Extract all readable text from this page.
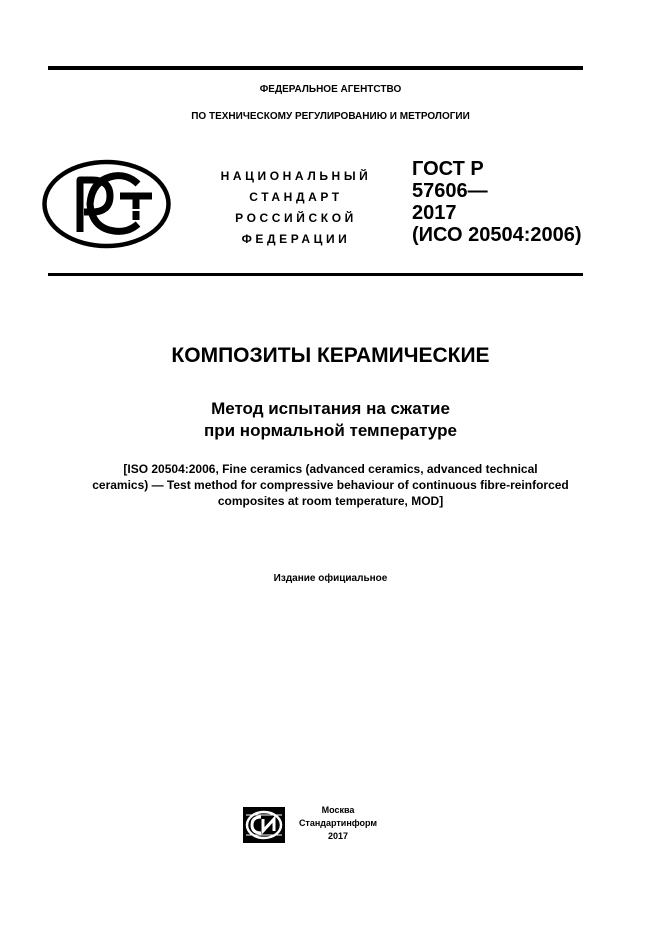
ФЕДЕРАЛЬНОЕ АГЕНТСТВО
ПО ТЕХНИЧЕСКОМУ РЕГУЛИРОВАНИЮ И МЕТРОЛОГИИ
НАЦИОНАЛЬНЫЙ
СТАНДАРТ
РОССИЙСКОЙ
ФЕДЕРАЦИИ
ГОСТ Р
57606—
2017
(ИСО 20504:2006)
КОМПОЗИТЫ КЕРАМИЧЕСКИЕ
Метод испытания на сжатие
при нормальной температуре
[ISO 20504:2006, Fine ceramics (advanced ceramics, advanced technical
ceramics) — Test method for compressive behaviour of continuous fibre-reinforced
composites at room temperature, MOD]
Издание официальное
Москва
Стандартинформ
2017
